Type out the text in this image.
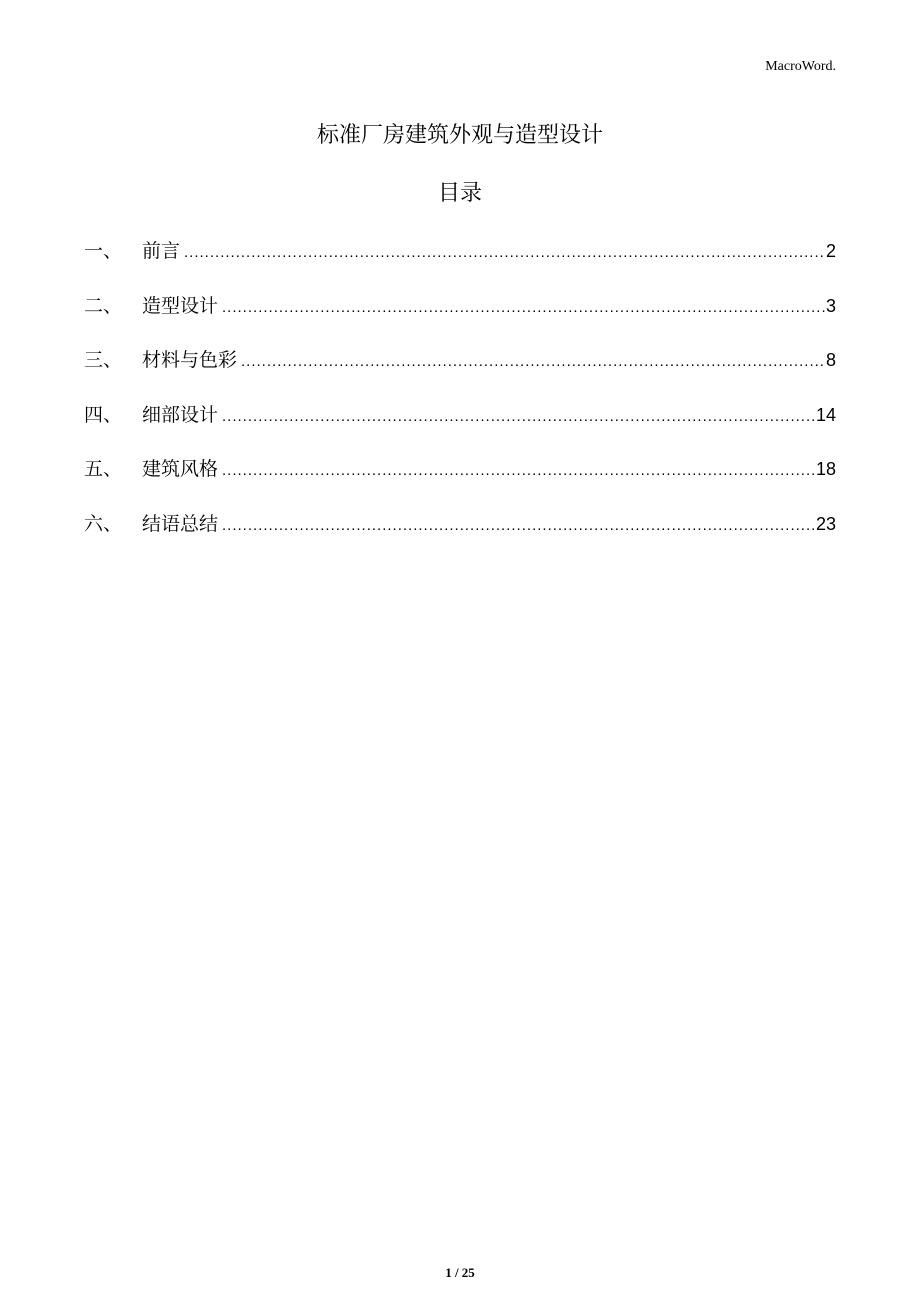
MacroWord.
标准厂房建筑外观与造型设计
目录
一、	前言 .....	2
二、	造型设计 .....	3
三、	材料与色彩 .....	8
四、	细部设计 .....	14
五、	建筑风格 .....	18
六、	结语总结 .....	23
1 / 25
